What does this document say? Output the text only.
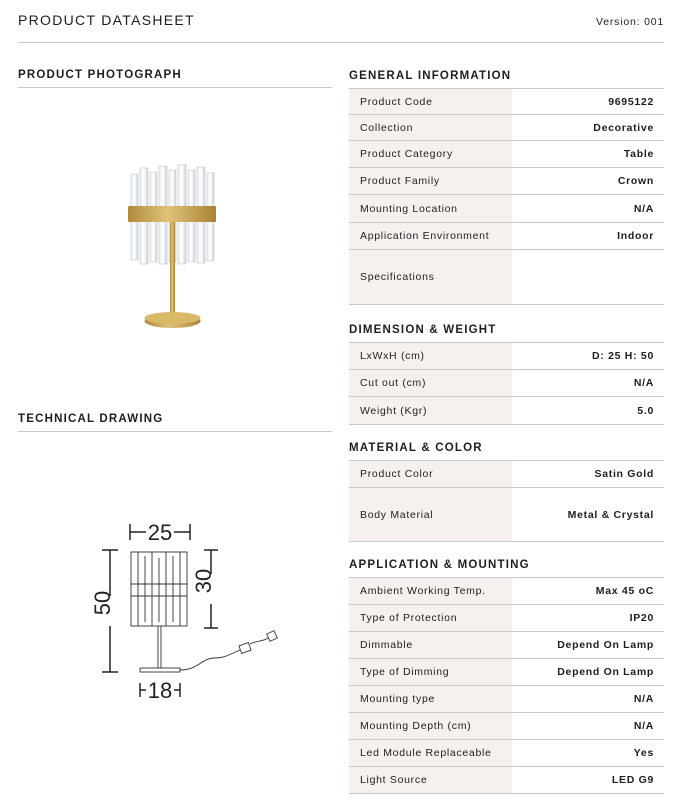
PRODUCT DATASHEET	Version: 001
PRODUCT PHOTOGRAPH
TECHNICAL DRAWING
25
50
30
18
GENERAL INFORMATION
Product Code	9695122
Collection	Decorative
Product Category	Table
Product Family	Crown
Mounting Location	N/A
Application Environment	Indoor
Specifications
DIMENSION & WEIGHT
LxWxH (cm)	D: 25 H: 50
Cut out (cm)	N/A
Weight (Kgr)	5.0
MATERIAL & COLOR
Product Color	Satin Gold
Body Material	Metal & Crystal
APPLICATION & MOUNTING
Ambient Working Temp.	Max 45 oC
Type of Protection	IP20
Dimmable	Depend On Lamp
Type of Dimming	Depend On Lamp
Mounting type	N/A
Mounting Depth (cm)	N/A
Led Module Replaceable	Yes
Light Source	LED G9
